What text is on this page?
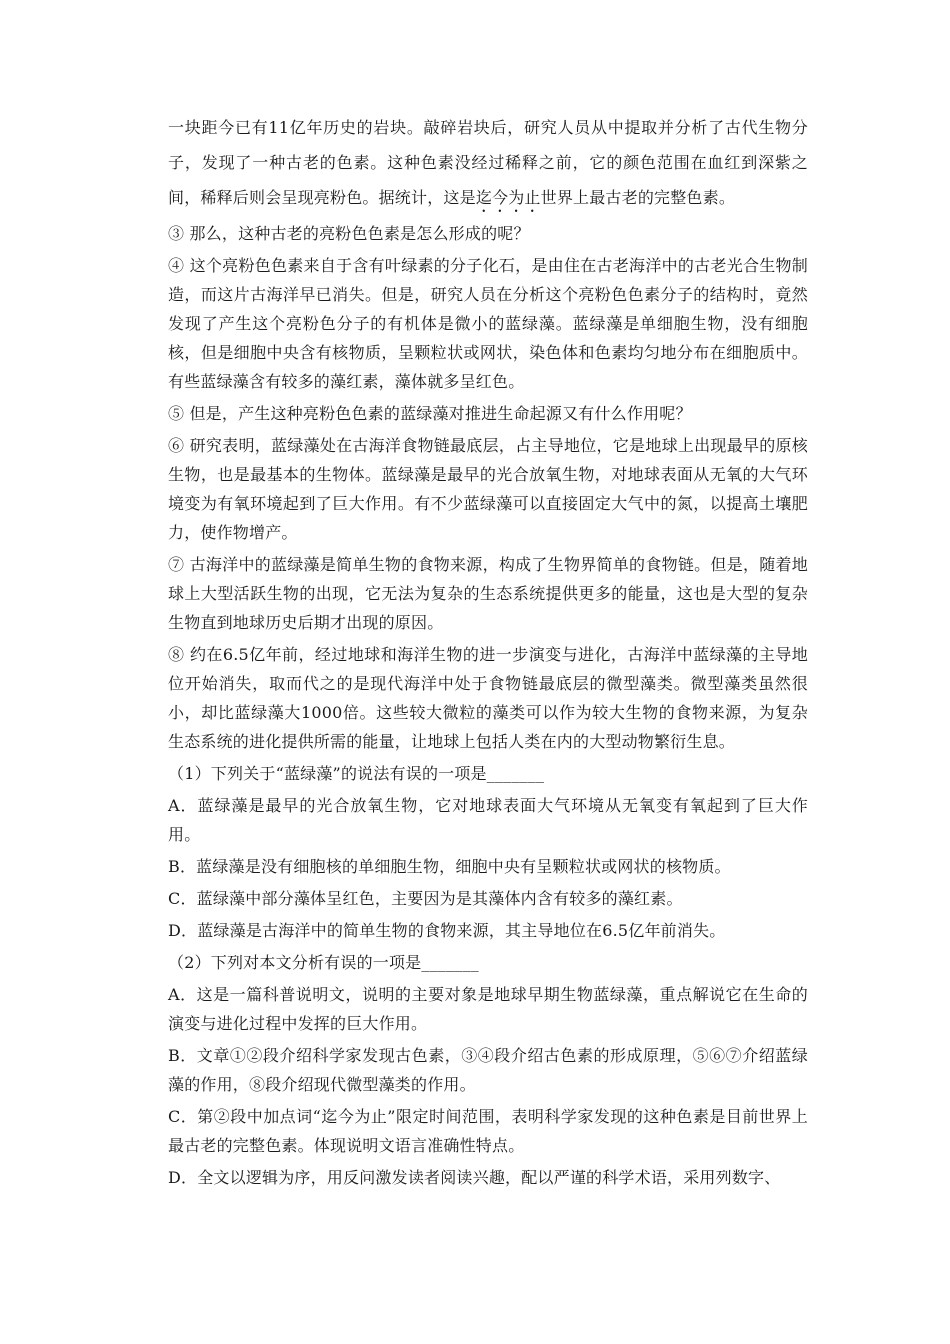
一块距今已有11亿年历史的岩块。敲碎岩块后，研究人员从中提取并分析了古代生物分子，发现了一种古老的色素。这种色素没经过稀释之前，它的颜色范围在血红到深紫之间，稀释后则会呈现亮粉色。据统计，这是迄今为止世界上最古老的完整色素。

③ 那么，这种古老的亮粉色色素是怎么形成的呢？

④ 这个亮粉色色素来自于含有叶绿素的分子化石，是由住在古老海洋中的古老光合生物制造，而这片古海洋早已消失。但是，研究人员在分析这个亮粉色色素分子的结构时，竟然发现了产生这个亮粉色分子的有机体是微小的蓝绿藻。蓝绿藻是单细胞生物，没有细胞核，但是细胞中央含有核物质，呈颗粒状或网状，染色体和色素均匀地分布在细胞质中。有些蓝绿藻含有较多的藻红素，藻体就多呈红色。

⑤ 但是，产生这种亮粉色色素的蓝绿藻对推进生命起源又有什么作用呢？

⑥ 研究表明，蓝绿藻处在古海洋食物链最底层，占主导地位，它是地球上出现最早的原核生物，也是最基本的生物体。蓝绿藻是最早的光合放氧生物，对地球表面从无氧的大气环境变为有氧环境起到了巨大作用。有不少蓝绿藻可以直接固定大气中的氮，以提高土壤肥力，使作物增产。

⑦ 古海洋中的蓝绿藻是简单生物的食物来源，构成了生物界简单的食物链。但是，随着地球上大型活跃生物的出现，它无法为复杂的生态系统提供更多的能量，这也是大型的复杂生物直到地球历史后期才出现的原因。

⑧ 约在6.5亿年前，经过地球和海洋生物的进一步演变与进化，古海洋中蓝绿藻的主导地位开始消失，取而代之的是现代海洋中处于食物链最底层的微型藻类。微型藻类虽然很小，却比蓝绿藻大1000倍。这些较大微粒的藻类可以作为较大生物的食物来源，为复杂生态系统的进化提供所需的能量，让地球上包括人类在内的大型动物繁衍生息。

（1）下列关于“蓝绿藻”的说法有误的一项是_______

A．蓝绿藻是最早的光合放氧生物，它对地球表面大气环境从无氧变有氧起到了巨大作用。

B．蓝绿藻是没有细胞核的单细胞生物，细胞中央有呈颗粒状或网状的核物质。

C．蓝绿藻中部分藻体呈红色，主要因为是其藻体内含有较多的藻红素。

D．蓝绿藻是古海洋中的简单生物的食物来源，其主导地位在6.5亿年前消失。

（2）下列对本文分析有误的一项是_______

A．这是一篇科普说明文，说明的主要对象是地球早期生物蓝绿藻，重点解说它在生命的演变与进化过程中发挥的巨大作用。

B．文章①②段介绍科学家发现古色素，③④段介绍古色素的形成原理，⑤⑥⑦介绍蓝绿藻的作用，⑧段介绍现代微型藻类的作用。

C．第②段中加点词“迄今为止”限定时间范围，表明科学家发现的这种色素是目前世界上最古老的完整色素。体现说明文语言准确性特点。

D．全文以逻辑为序，用反问激发读者阅读兴趣，配以严谨的科学术语，采用列数字、
